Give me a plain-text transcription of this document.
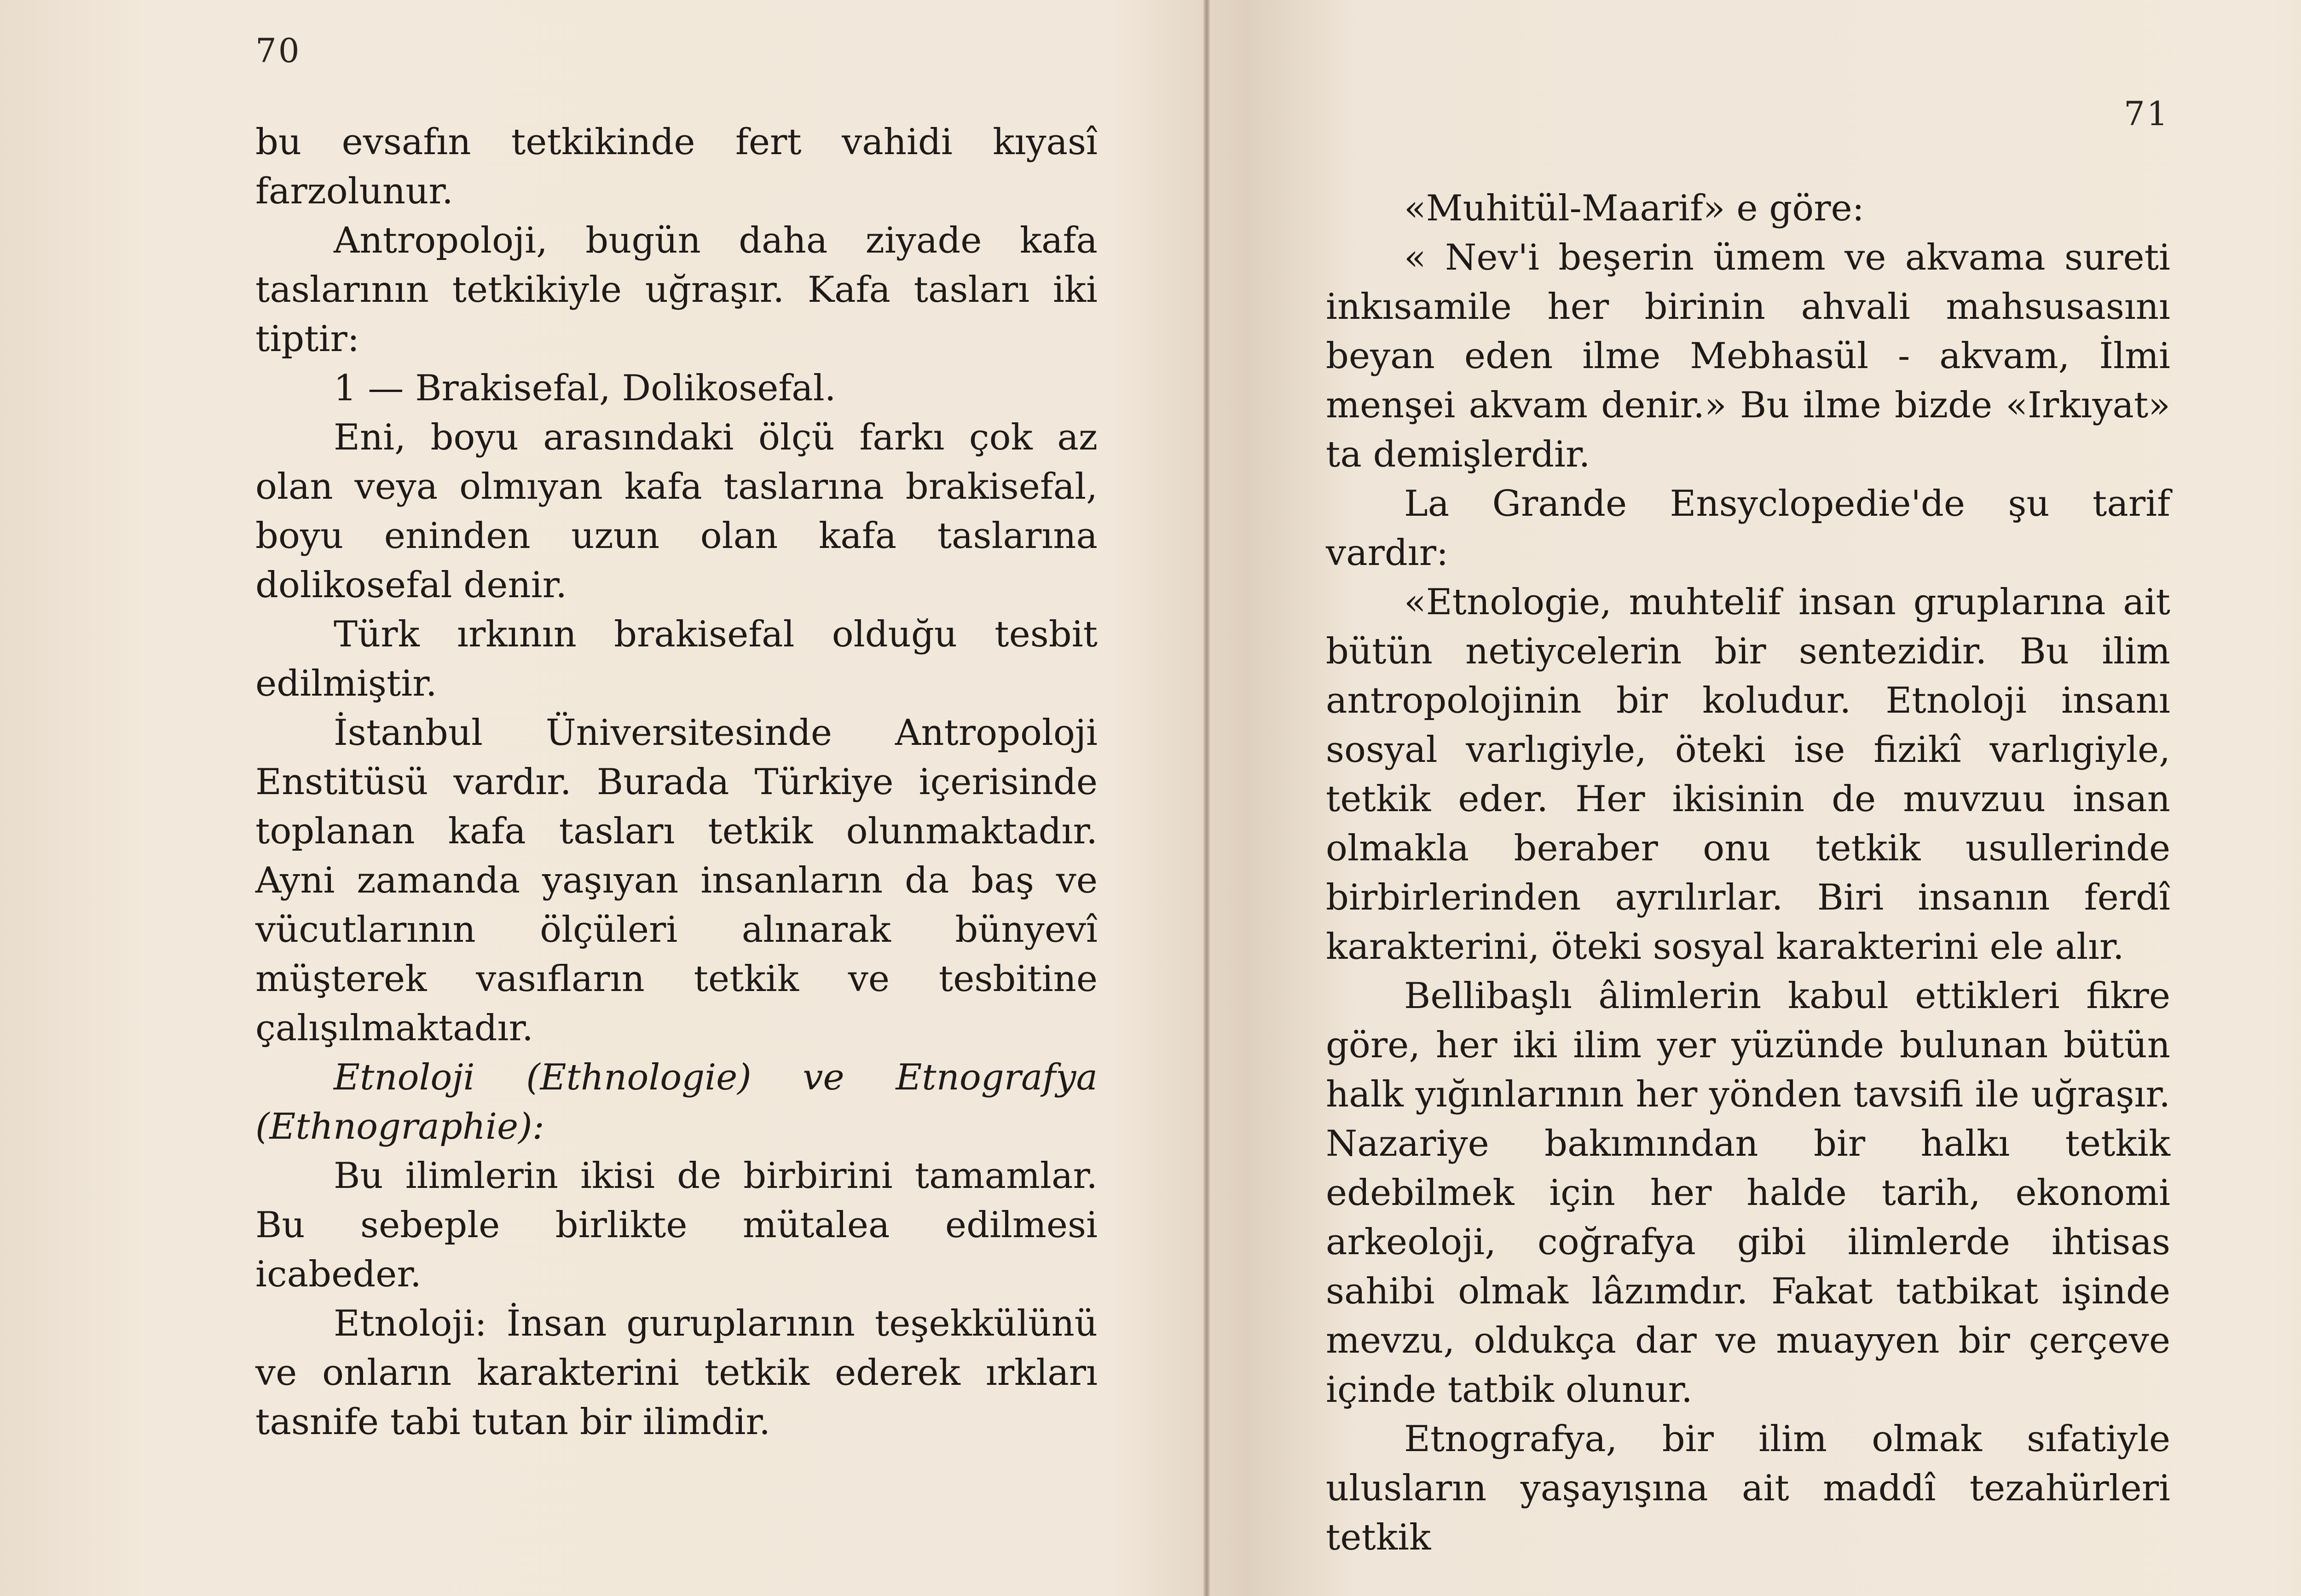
70

bu evsafın tetkikinde fert vahidi kıyasî farzolunur.

Antropoloji, bugün daha ziyade kafa taslarının tetkikiyle uğraşır. Kafa tasları iki tiptir:

1 — Brakisefal, Dolikosefal.

Eni, boyu arasındaki ölçü farkı çok az olan veya olmıyan kafa taslarına brakisefal, boyu eninden uzun olan kafa taslarına dolikosefal denir.

Türk ırkının brakisefal olduğu tesbit edilmiştir.

İstanbul Üniversitesinde Antropoloji Enstitüsü vardır. Burada Türkiye içerisinde toplanan kafa tasları tetkik olunmaktadır. Ayni zamanda yaşıyan insanların da baş ve vücutlarının ölçüleri alınarak bünyevî müşterek vasıfların tetkik ve tesbitine çalışılmaktadır.

Etnoloji (Ethnologie) ve Etnografya (Ethnographie):

Bu ilimlerin ikisi de birbirini tamamlar. Bu sebeple birlikte mütalea edilmesi icabeder.

Etnoloji: İnsan guruplarının teşekkülünü ve onların karakterini tetkik ederek ırkları tasnife tabi tutan bir ilimdir.

71

«Muhitül-Maarif» e göre:

« Nev'i beşerin ümem ve akvama sureti inkısamile her birinin ahvali mahsusasını beyan eden ilme Mebhasül - akvam, İlmi menşei akvam denir.» Bu ilme bizde «Irkıyat» ta demişlerdir.

La Grande Ensyclopedie'de şu tarif vardır:

«Etnologie, muhtelif insan gruplarına ait bütün netiycelerin bir sentezidir. Bu ilim antropolojinin bir koludur. Etnoloji insanı sosyal varlıgiyle, öteki ise fizikî varlıgiyle, tetkik eder. Her ikisinin de muvzuu insan olmakla beraber onu tetkik usullerinde birbirlerinden ayrılırlar. Biri insanın ferdî karakterini, öteki sosyal karakterini ele alır.

Bellibaşlı âlimlerin kabul ettikleri fikre göre, her iki ilim yer yüzünde bulunan bütün halk yığınlarının her yönden tavsifi ile uğraşır. Nazariye bakımından bir halkı tetkik edebilmek için her halde tarih, ekonomi arkeoloji, coğrafya gibi ilimlerde ihtisas sahibi olmak lâzımdır. Fakat tatbikat işinde mevzu, oldukça dar ve muayyen bir çerçeve içinde tatbik olunur.

Etnografya, bir ilim olmak sıfatiyle ulusların yaşayışına ait maddî tezahürleri tetkik
